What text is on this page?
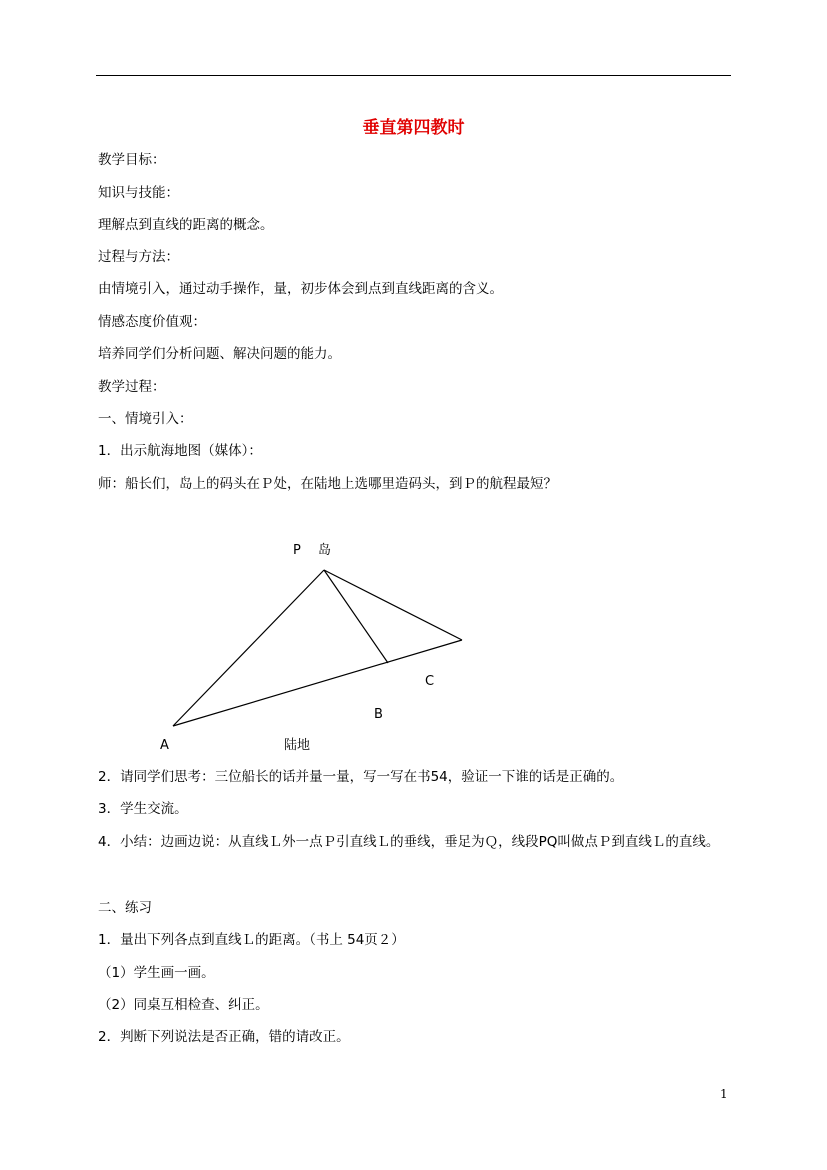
垂直第四教时
教学目标：
知识与技能：
理解点到直线的距离的概念。
过程与方法：
由情境引入，通过动手操作，量，初步体会到点到直线距离的含义。
情感态度价值观：
培养同学们分析问题、解决问题的能力。
教学过程：
一、情境引入：
1．出示航海地图（媒体）：
师：船长们，岛上的码头在Ｐ处，在陆地上选哪里造码头，到Ｐ的航程最短？
P 岛
A
B
C
陆地
2．请同学们思考：三位船长的话并量一量，写一写在书54，验证一下谁的话是正确的。
3．学生交流。
4．小结：边画边说：从直线Ｌ外一点Ｐ引直线Ｌ的垂线，垂足为Ｑ，线段PQ叫做点Ｐ到直线Ｌ的直线。
二、练习
1．量出下列各点到直线Ｌ的距离。（书上 54页２）
（1）学生画一画。
（2）同桌互相检查、纠正。
2．判断下列说法是否正确，错的请改正。
1
